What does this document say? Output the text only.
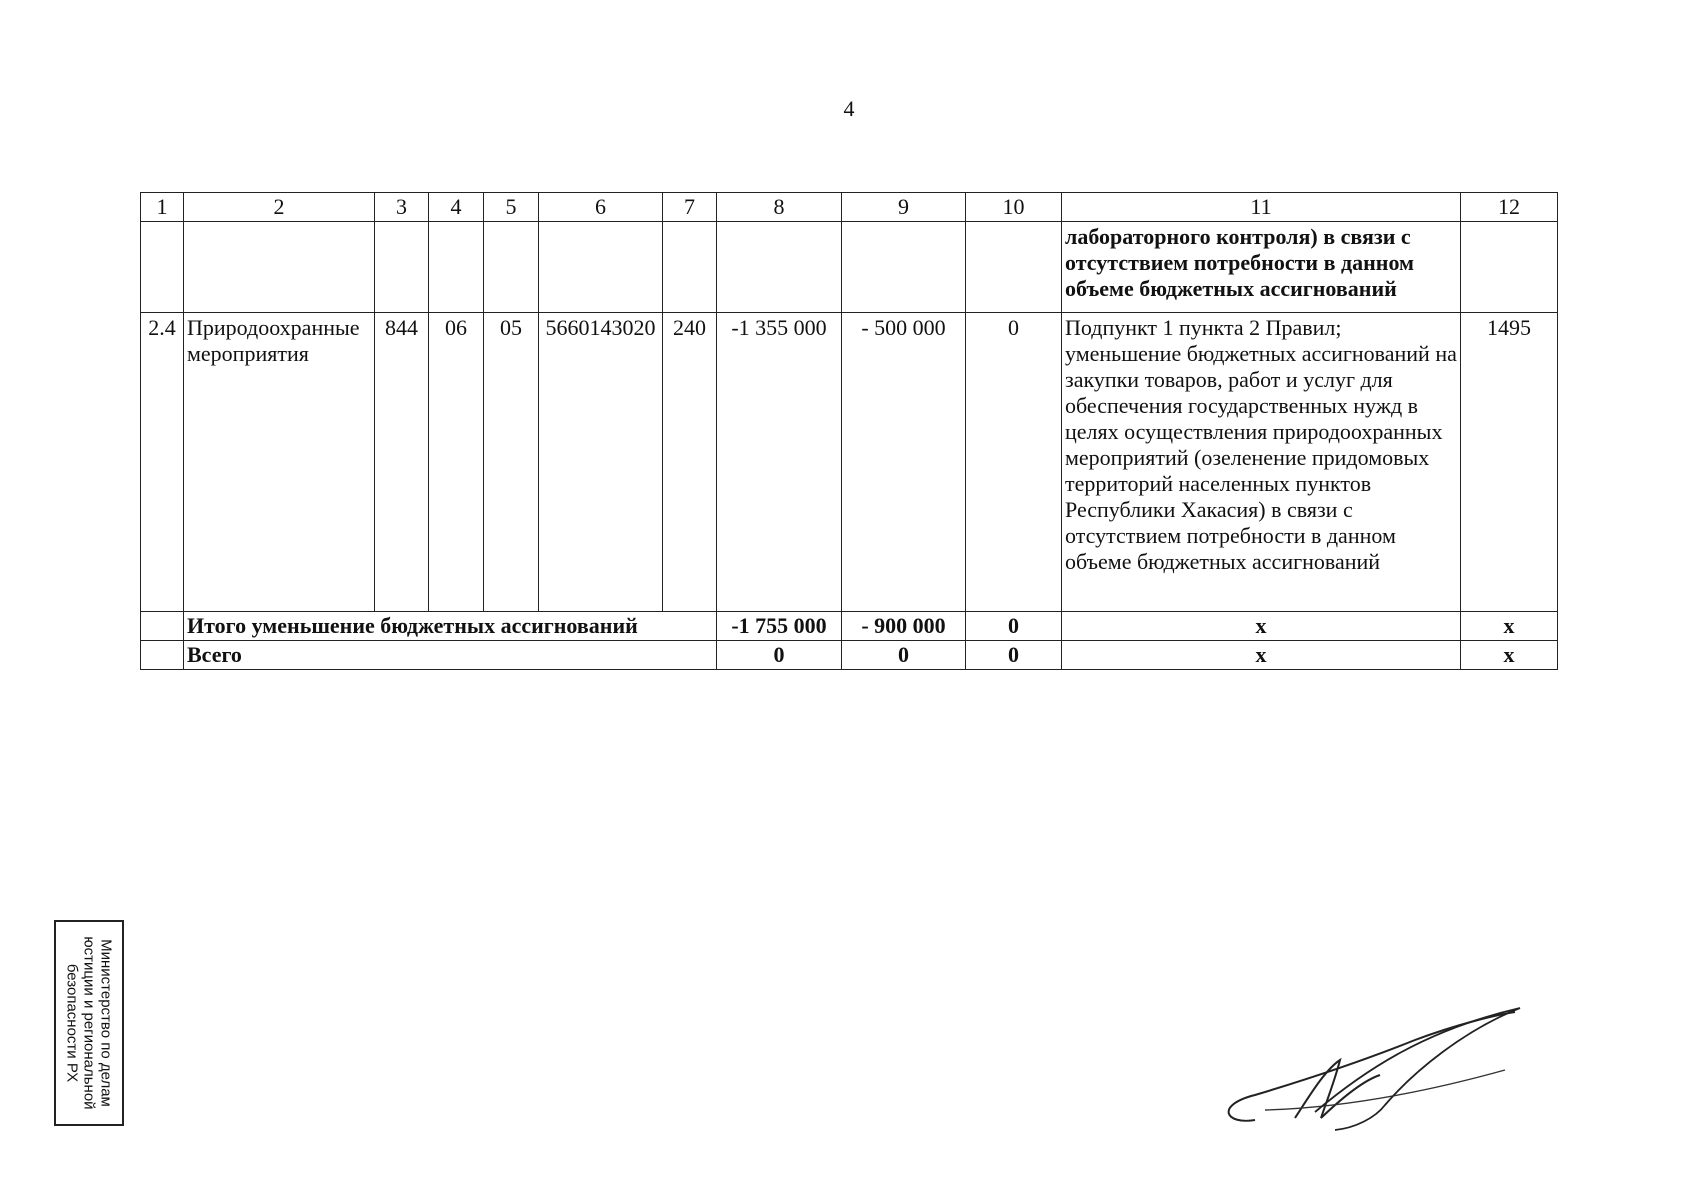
4
1	2	3	4	5	6	7	8	9	10	11	12
										лабораторного контроля) в связи с отсутствием потребности в данном объеме бюджетных ассигнований	
2.4	Природоохранные мероприятия	844	06	05	5660143020	240	-1 355 000	- 500 000	0	Подпункт 1 пункта 2 Правил; уменьшение бюджетных ассигнований на закупки товаров, работ и услуг для обеспечения государственных нужд в целях осуществления природоохранных мероприятий (озеленение придомовых территорий населенных пунктов Республики Хакасия) в связи с отсутствием потребности в данном объеме бюджетных ассигнований	1495
	Итого уменьшение бюджетных ассигнований						-1 755 000	- 900 000	0	x	x
	Всего						0	0	0	x	x
Министерство по делам
юстиции и региональной
безопасности РХ
